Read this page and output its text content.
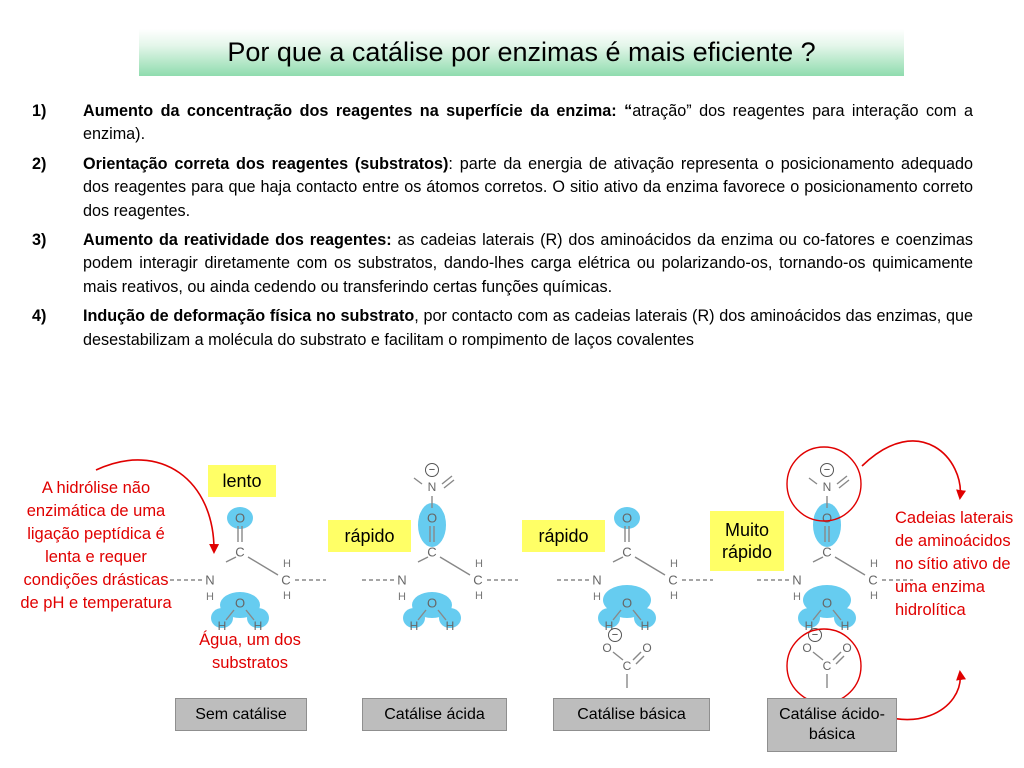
Por que a catálise por enzimas é mais eficiente ?
1)	Aumento da concentração dos reagentes na superfície da enzima: “atração” dos reagentes para interação com a enzima).
2)	Orientação correta dos reagentes (substratos): parte da energia de ativação representa o posicionamento adequado dos reagentes para que haja contacto entre os átomos corretos. O sitio ativo da enzima favorece o posicionamento correto dos reagentes.
3)	Aumento da reatividade dos reagentes: as cadeias laterais (R) dos aminoácidos da enzima ou co-fatores e coenzimas podem interagir diretamente com os substratos, dando-lhes carga elétrica ou polarizando-os, tornando-os quimicamente mais reativos, ou ainda cedendo ou transferindo certas funções químicas.
4)	Indução de deformação física no substrato, por contacto com as cadeias laterais (R) dos aminoácidos das enzimas, que desestabilizam a molécula do substrato e facilitam o rompimento de laços covalentes
O
C
N	C
H
H
H O
H H
O
C
N	C
H
H
H O
H H
−
N
O
C
N	C
H
H
H O
H H
−
O
C
O
O
C
N	C
H
H
H O
H H
−
N
−
O
C
O
lento
rápido	rápido	Muito rápido
A hidrólise não enzimática de uma ligação peptídica é lenta e requer condições drásticas de pH e temperatura
Água, um dos substratos
Cadeias laterais de aminoácidos no sítio ativo de uma enzima hidrolítica
Sem catálise	Catálise ácida	Catálise básica	Catálise ácido-básica
